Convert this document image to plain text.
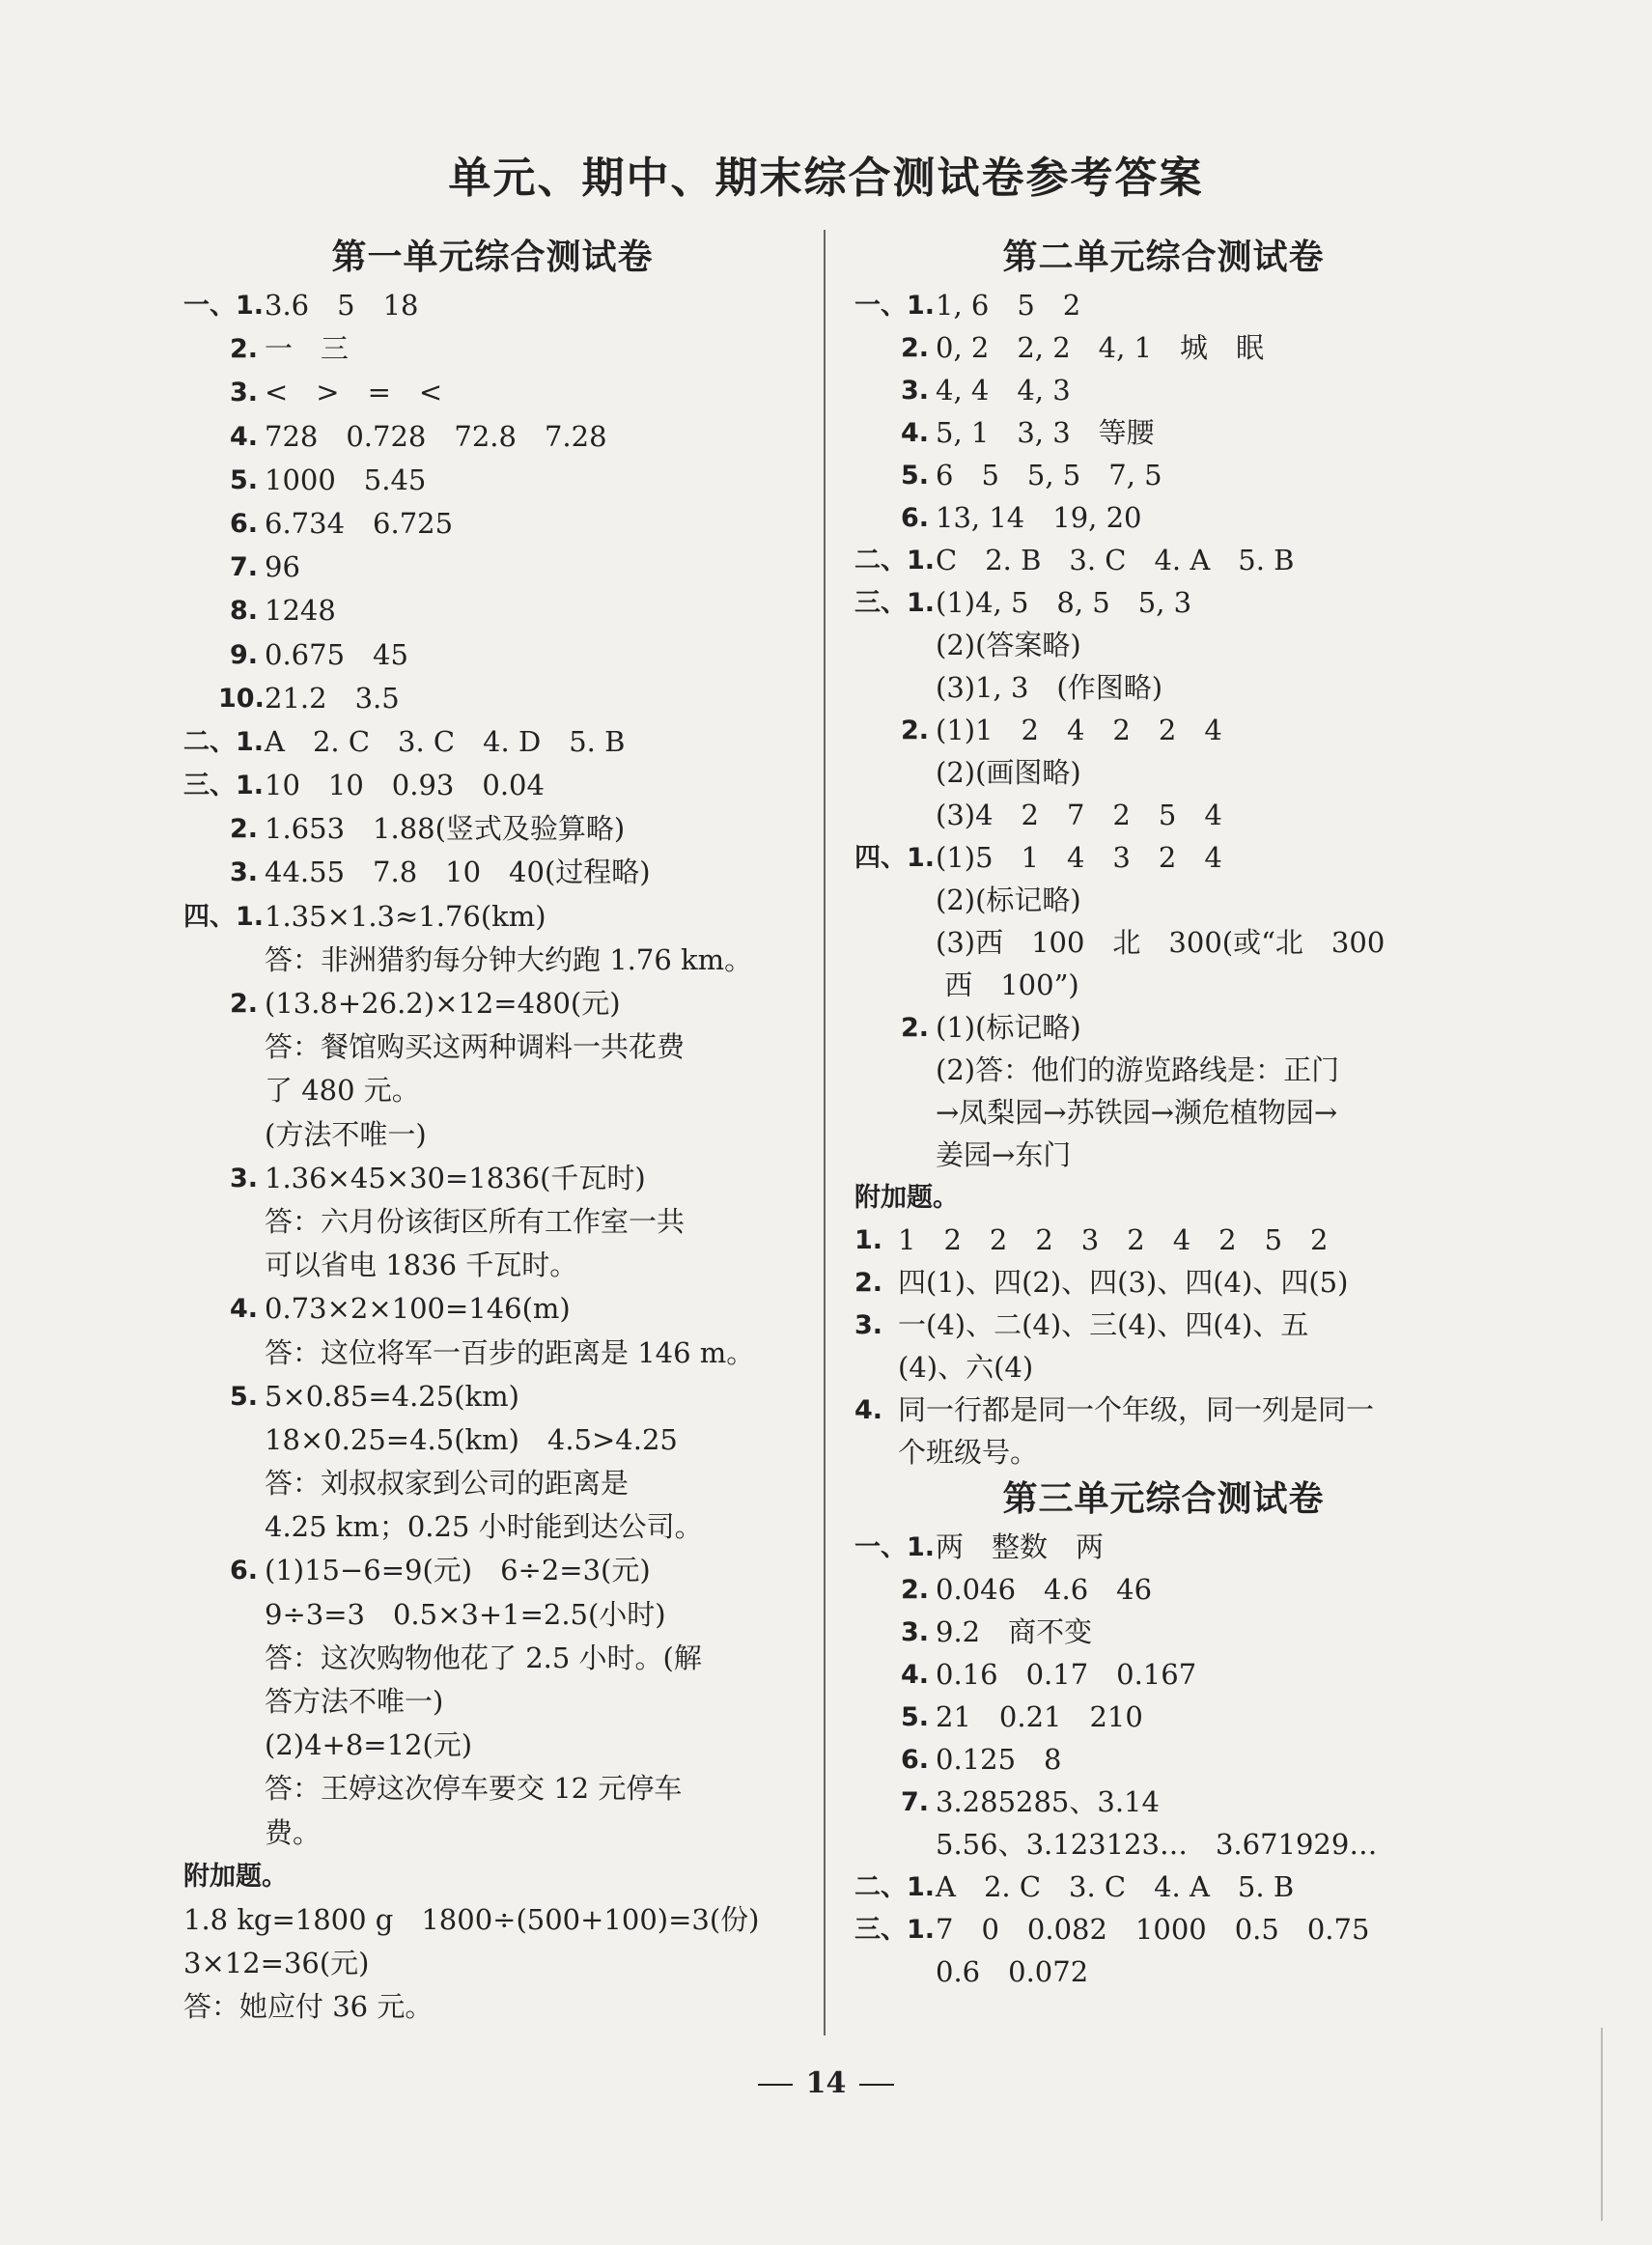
单元、期中、期末综合测试卷参考答案
第一单元综合测试卷
一、1. 3.6　5　18
2. 一　三
3. <　>　=　<
4. 728　0.728　72.8　7.28
5. 1000　5.45
6. 6.734　6.725
7. 96
8. 1248
9. 0.675　45
10. 21.2　3.5
二、1. A　2. C　3. C　4. D　5. B
三、1. 10　10　0.93　0.04
2. 1.653　1.88(竖式及验算略)
3. 44.55　7.8　10　40(过程略)
四、1. 1.35×1.3≈1.76(km)
答：非洲猎豹每分钟大约跑 1.76 km。
2. (13.8+26.2)×12=480(元)
答：餐馆购买这两种调料一共花费
了 480 元。
(方法不唯一)
3. 1.36×45×30=1836(千瓦时)
答：六月份该街区所有工作室一共
可以省电 1836 千瓦时。
4. 0.73×2×100=146(m)
答：这位将军一百步的距离是 146 m。
5. 5×0.85=4.25(km)
18×0.25=4.5(km)　4.5>4.25
答：刘叔叔家到公司的距离是
4.25 km；0.25 小时能到达公司。
6. (1)15−6=9(元)　6÷2=3(元)
9÷3=3　0.5×3+1=2.5(小时)
答：这次购物他花了 2.5 小时。(解
答方法不唯一)
(2)4+8=12(元)
答：王婷这次停车要交 12 元停车
费。
附加题。
1.8 kg=1800 g　1800÷(500+100)=3(份)
3×12=36(元)
答：她应付 36 元。
第二单元综合测试卷
一、1. 1, 6　5　2
2. 0, 2　2, 2　4, 1　城　眠
3. 4, 4　4, 3
4. 5, 1　3, 3　等腰
5. 6　5　5, 5　7, 5
6. 13, 14　19, 20
二、1. C　2. B　3. C　4. A　5. B
三、1. (1)4, 5　8, 5　5, 3
(2)(答案略)
(3)1, 3　(作图略)
2. (1)1　2　4　2　2　4
(2)(画图略)
(3)4　2　7　2　5　4
四、1. (1)5　1　4　3　2　4
(2)(标记略)
(3)西　100　北　300(或“北　300
西　100”)
2. (1)(标记略)
(2)答：他们的游览路线是：正门
→凤梨园→苏铁园→濒危植物园→
姜园→东门
附加题。
1. 1　2　2　2　3　2　4　2　5　2
2. 四(1)、四(2)、四(3)、四(4)、四(5)
3. 一(4)、二(4)、三(4)、四(4)、五
(4)、六(4)
4. 同一行都是同一个年级，同一列是同一
个班级号。
第三单元综合测试卷
一、1. 两　整数　两
2. 0.046　4.6　46
3. 9.2　商不变
4. 0.16　0.17　0.167
5. 21　0.21　210
6. 0.125　8
7. 3.285285、3.14
5.56、3.123123…　3.671929…
二、1. A　2. C　3. C　4. A　5. B
三、1. 7　0　0.082　1000　0.5　0.75
0.6　0.072
14
